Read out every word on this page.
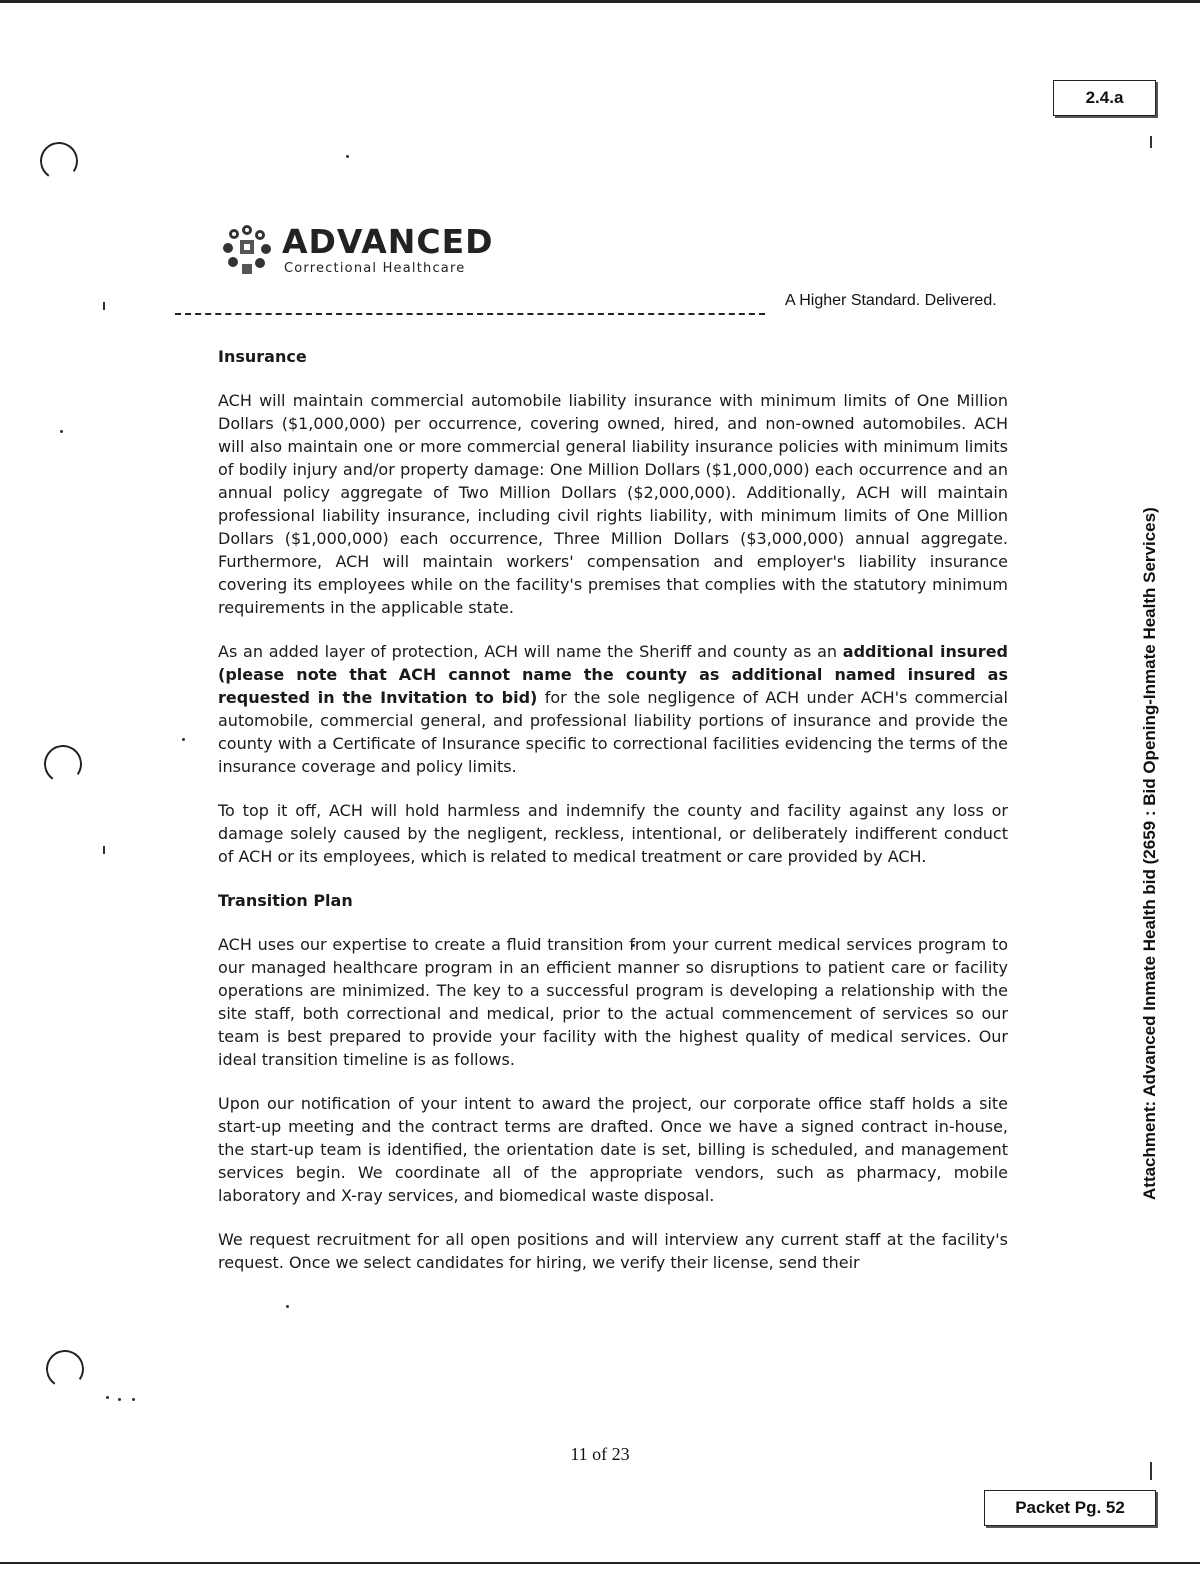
2.4.a
Attachment: Advanced Inmate Health bid (2659 : Bid Opening-Inmate Health Services)
ADVANCED
Correctional Healthcare
A Higher Standard. Delivered.
Insurance

ACH will maintain commercial automobile liability insurance with minimum limits of One Million Dollars ($1,000,000) per occurrence, covering owned, hired, and non-owned automobiles. ACH will also maintain one or more commercial general liability insurance policies with minimum limits of bodily injury and/or property damage: One Million Dollars ($1,000,000) each occurrence and an annual policy aggregate of Two Million Dollars ($2,000,000). Additionally, ACH will maintain professional liability insurance, including civil rights liability, with minimum limits of One Million Dollars ($1,000,000) each occurrence, Three Million Dollars ($3,000,000) annual aggregate. Furthermore, ACH will maintain workers' compensation and employer's liability insurance covering its employees while on the facility's premises that complies with the statutory minimum requirements in the applicable state.

As an added layer of protection, ACH will name the Sheriff and county as an additional insured (please note that ACH cannot name the county as additional named insured as requested in the Invitation to bid) for the sole negligence of ACH under ACH's commercial automobile, commercial general, and professional liability portions of insurance and provide the county with a Certificate of Insurance specific to correctional facilities evidencing the terms of the insurance coverage and policy limits.

To top it off, ACH will hold harmless and indemnify the county and facility against any loss or damage solely caused by the negligent, reckless, intentional, or deliberately indifferent conduct of ACH or its employees, which is related to medical treatment or care provided by ACH.

Transition Plan

ACH uses our expertise to create a fluid transition from your current medical services program to our managed healthcare program in an efficient manner so disruptions to patient care or facility operations are minimized. The key to a successful program is developing a relationship with the site staff, both correctional and medical, prior to the actual commencement of services so our team is best prepared to provide your facility with the highest quality of medical services. Our ideal transition timeline is as follows.

Upon our notification of your intent to award the project, our corporate office staff holds a site start-up meeting and the contract terms are drafted. Once we have a signed contract in-house, the start-up team is identified, the orientation date is set, billing is scheduled, and management services begin. We coordinate all of the appropriate vendors, such as pharmacy, mobile laboratory and X-ray services, and biomedical waste disposal.

We request recruitment for all open positions and will interview any current staff at the facility's request. Once we select candidates for hiring, we verify their license, send their

11 of 23
Packet Pg. 52
